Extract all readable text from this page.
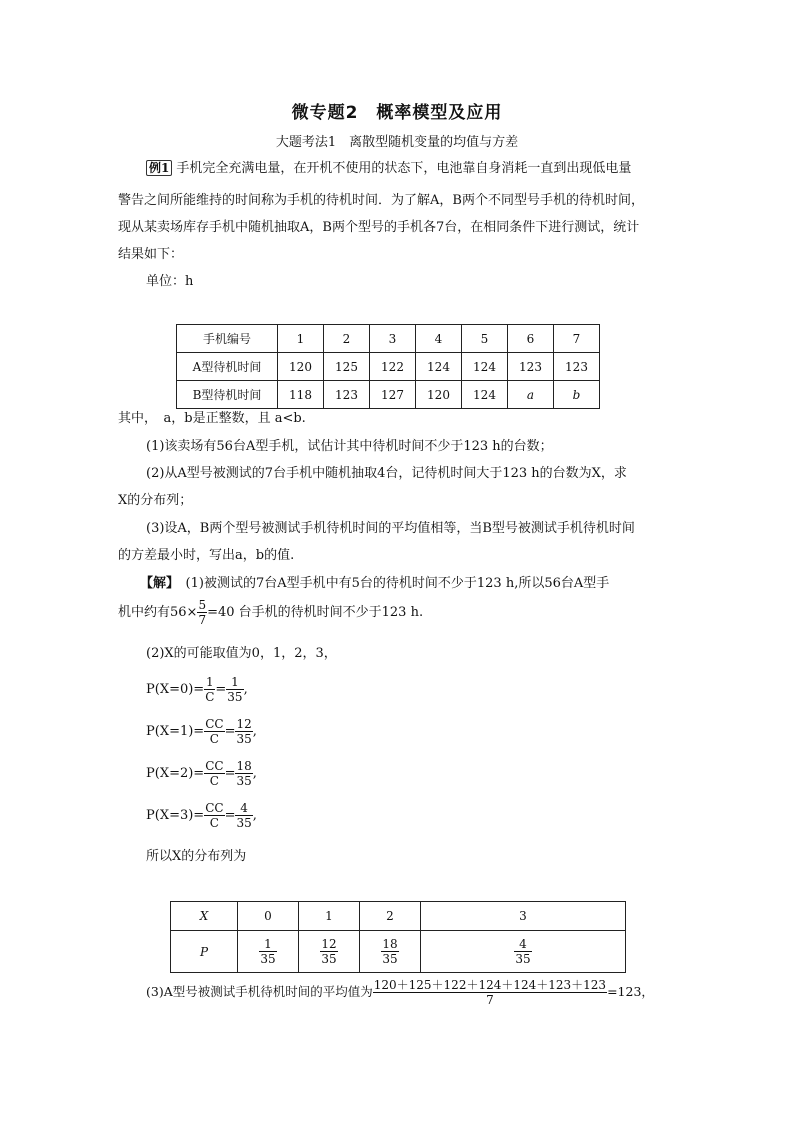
微专题2　概率模型及应用
大题考法1　离散型随机变量的均值与方差
例1 手机完全充满电量，在开机不使用的状态下，电池靠自身消耗一直到出现低电量
警告之间所能维持的时间称为手机的待机时间．为了解A，B两个不同型号手机的待机时间，
现从某卖场库存手机中随机抽取A，B两个型号的手机各7台，在相同条件下进行测试，统计
结果如下：
单位：h
手机编号	1	2	3	4	5	6	7
A型待机时间	120	125	122	124	124	123	123
B型待机时间	118	123	127	120	124	a	b
其中，　a，b是正整数，且 a<b.
(1)该卖场有56台A型手机，试估计其中待机时间不少于123 h的台数；
(2)从A型号被测试的7台手机中随机抽取4台，记待机时间大于123 h的台数为X，求
X的分布列；
(3)设A，B两个型号被测试手机待机时间的平均值相等，当B型号被测试手机待机时间
的方差最小时，写出a，b的值.
【解】　 (1)被测试的7台A型手机中有5台的待机时间不少于123 h,所以56台A型手
机中约有$56\times \frac{5}{7} =40$ 台手机的待机时间不少于123 h.
(2)X的可能取值为0，1，2，3，
$P(X=0)= \frac{1}{C} = \frac{1}{35}$ ,
$P(X=1)= \frac{CC}{C} = \frac{12}{35}$ ,
$P(X=2)= \frac{CC}{C} = \frac{18}{35}$ ,
$P(X=3)= \frac{CC}{C} = \frac{4}{35}$ ,
所以X的分布列为
X	0	1	2	3
P	$\frac{1}{35}$	$\frac{12}{35}$	$\frac{18}{35}$	$\frac{4}{35}$
(3)A型号被测试手机待机时间的平均值为 $\frac{120+125+122+124+124+123+123}{7} =123$，
